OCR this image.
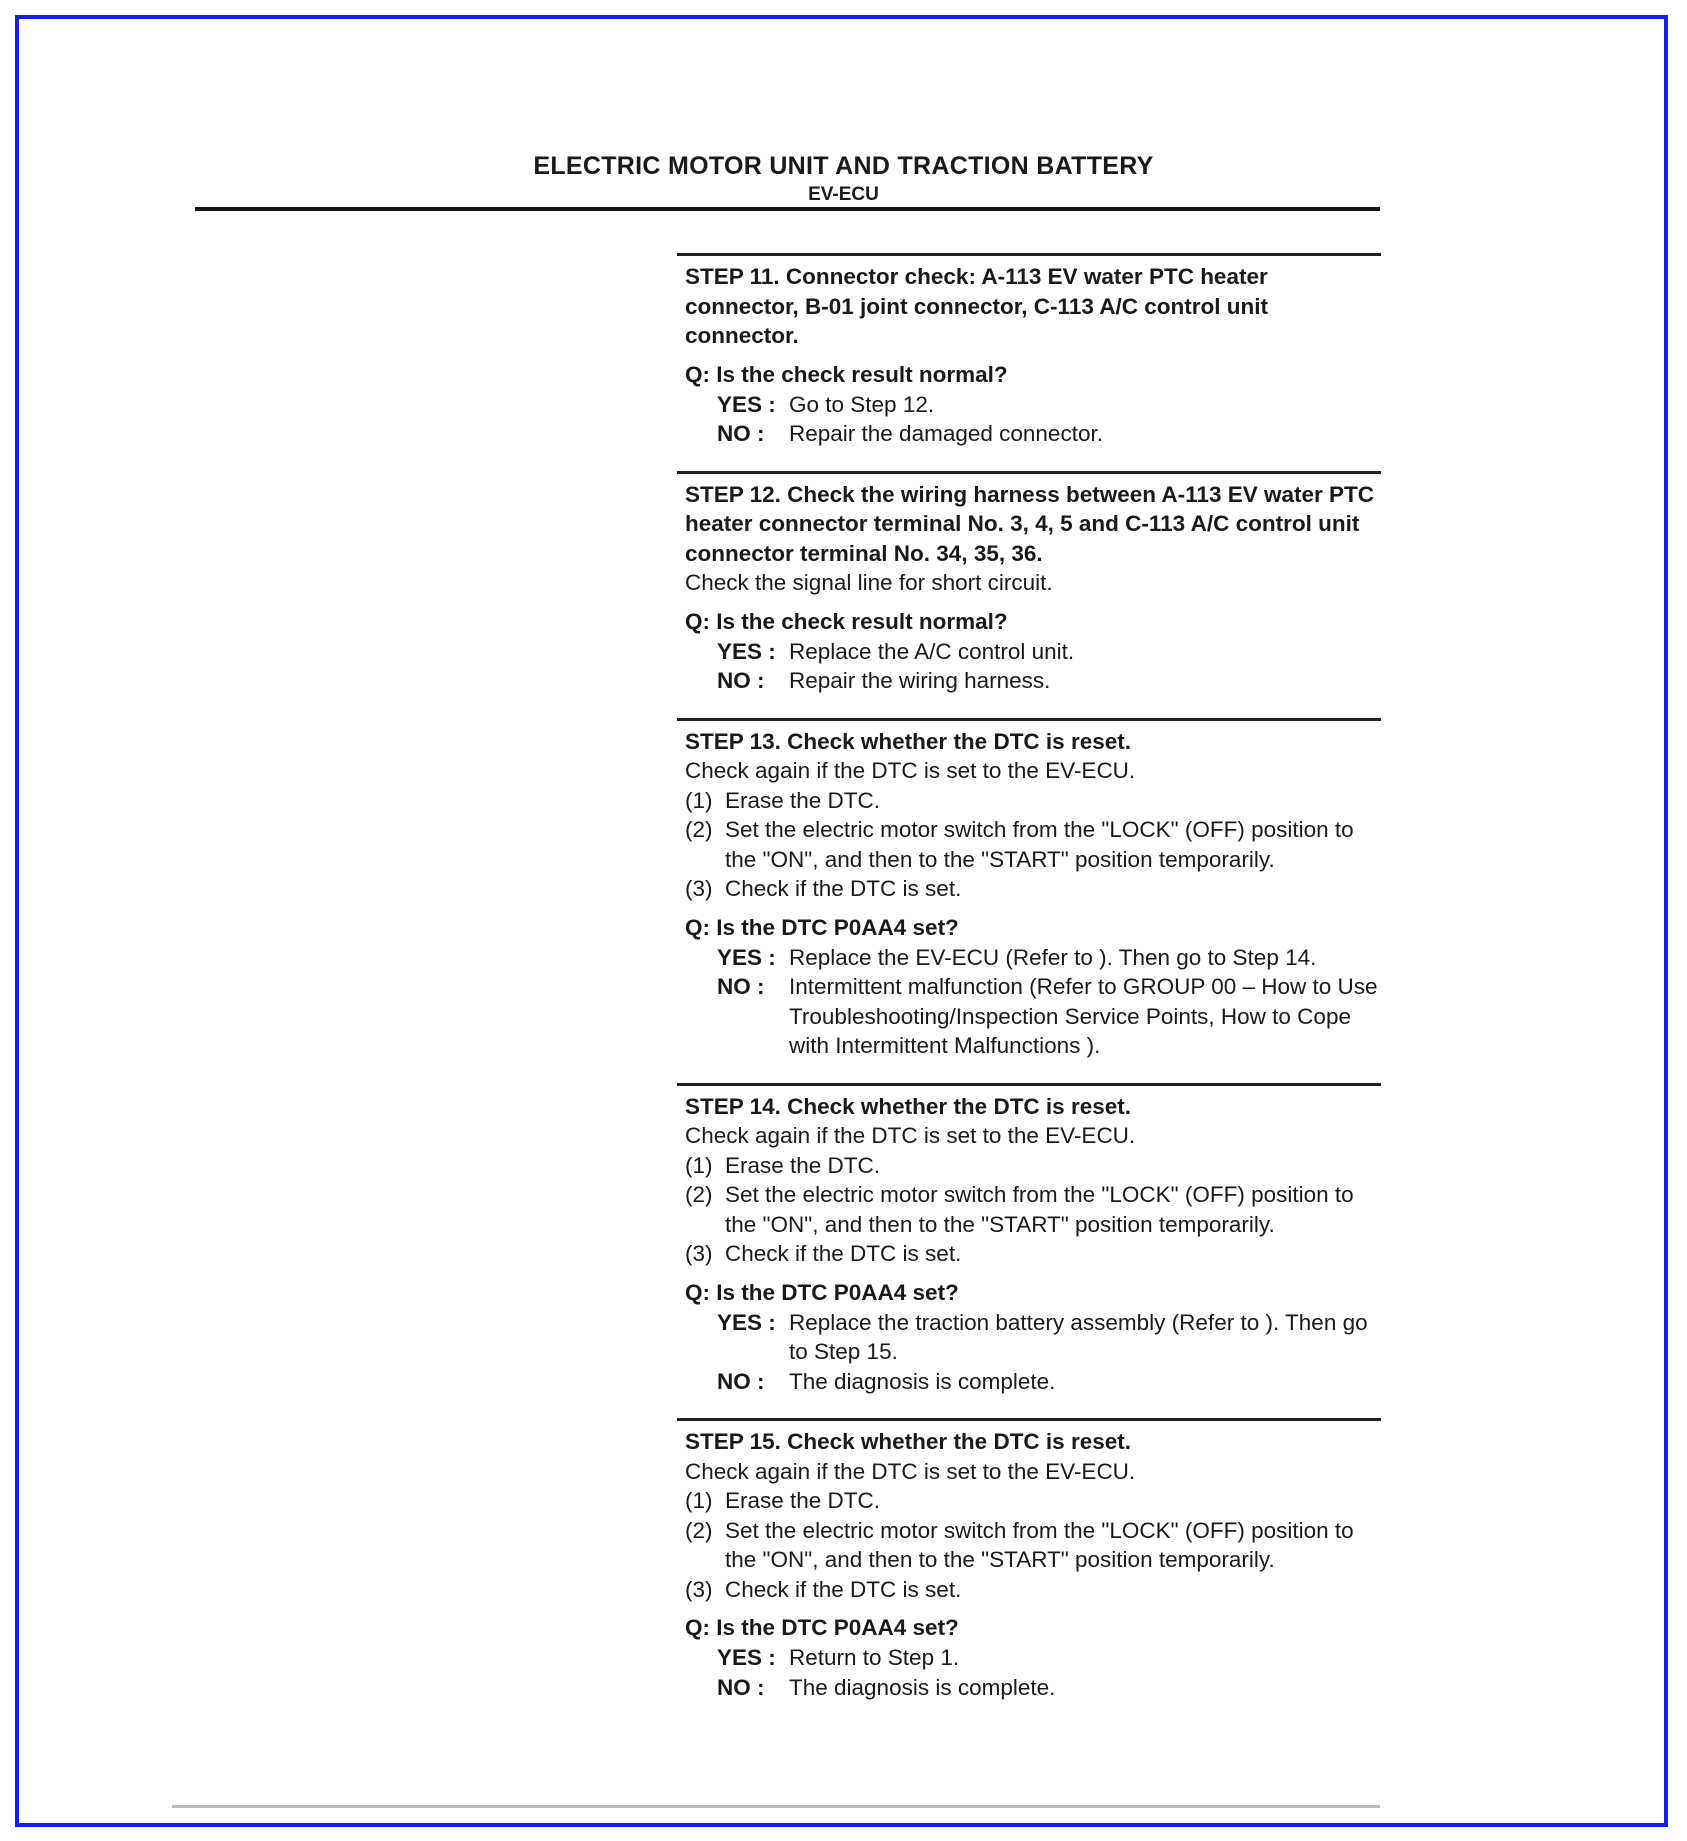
ELECTRIC MOTOR UNIT AND TRACTION BATTERY
EV-ECU
STEP 11. Connector check: A-113 EV water PTC heater connector, B-01 joint connector, C-113 A/C control unit connector.
Q: Is the check result normal?
YES : Go to Step 12.
NO :	Repair the damaged connector.
STEP 12. Check the wiring harness between A-113 EV water PTC heater connector terminal No. 3, 4, 5 and C-113 A/C control unit connector terminal No. 34, 35, 36.
Check the signal line for short circuit.
Q: Is the check result normal?
YES : Replace the A/C control unit.
NO :	Repair the wiring harness.
STEP 13. Check whether the DTC is reset.
Check again if the DTC is set to the EV-ECU.
(1) Erase the DTC.
(2) Set the electric motor switch from the "LOCK" (OFF) position to the "ON", and then to the "START" position temporarily.
(3) Check if the DTC is set.
Q: Is the DTC P0AA4 set?
YES : Replace the EV-ECU (Refer to ). Then go to Step 14.
NO :	Intermittent malfunction (Refer to GROUP 00 – How to Use Troubleshooting/Inspection Service Points, How to Cope with Intermittent Malfunctions ).
STEP 14. Check whether the DTC is reset.
Check again if the DTC is set to the EV-ECU.
(1) Erase the DTC.
(2) Set the electric motor switch from the "LOCK" (OFF) position to the "ON", and then to the "START" position temporarily.
(3) Check if the DTC is set.
Q: Is the DTC P0AA4 set?
YES : Replace the traction battery assembly (Refer to ). Then go to Step 15.
NO :	The diagnosis is complete.
STEP 15. Check whether the DTC is reset.
Check again if the DTC is set to the EV-ECU.
(1) Erase the DTC.
(2) Set the electric motor switch from the "LOCK" (OFF) position to the "ON", and then to the "START" position temporarily.
(3) Check if the DTC is set.
Q: Is the DTC P0AA4 set?
YES : Return to Step 1.
NO :	The diagnosis is complete.
